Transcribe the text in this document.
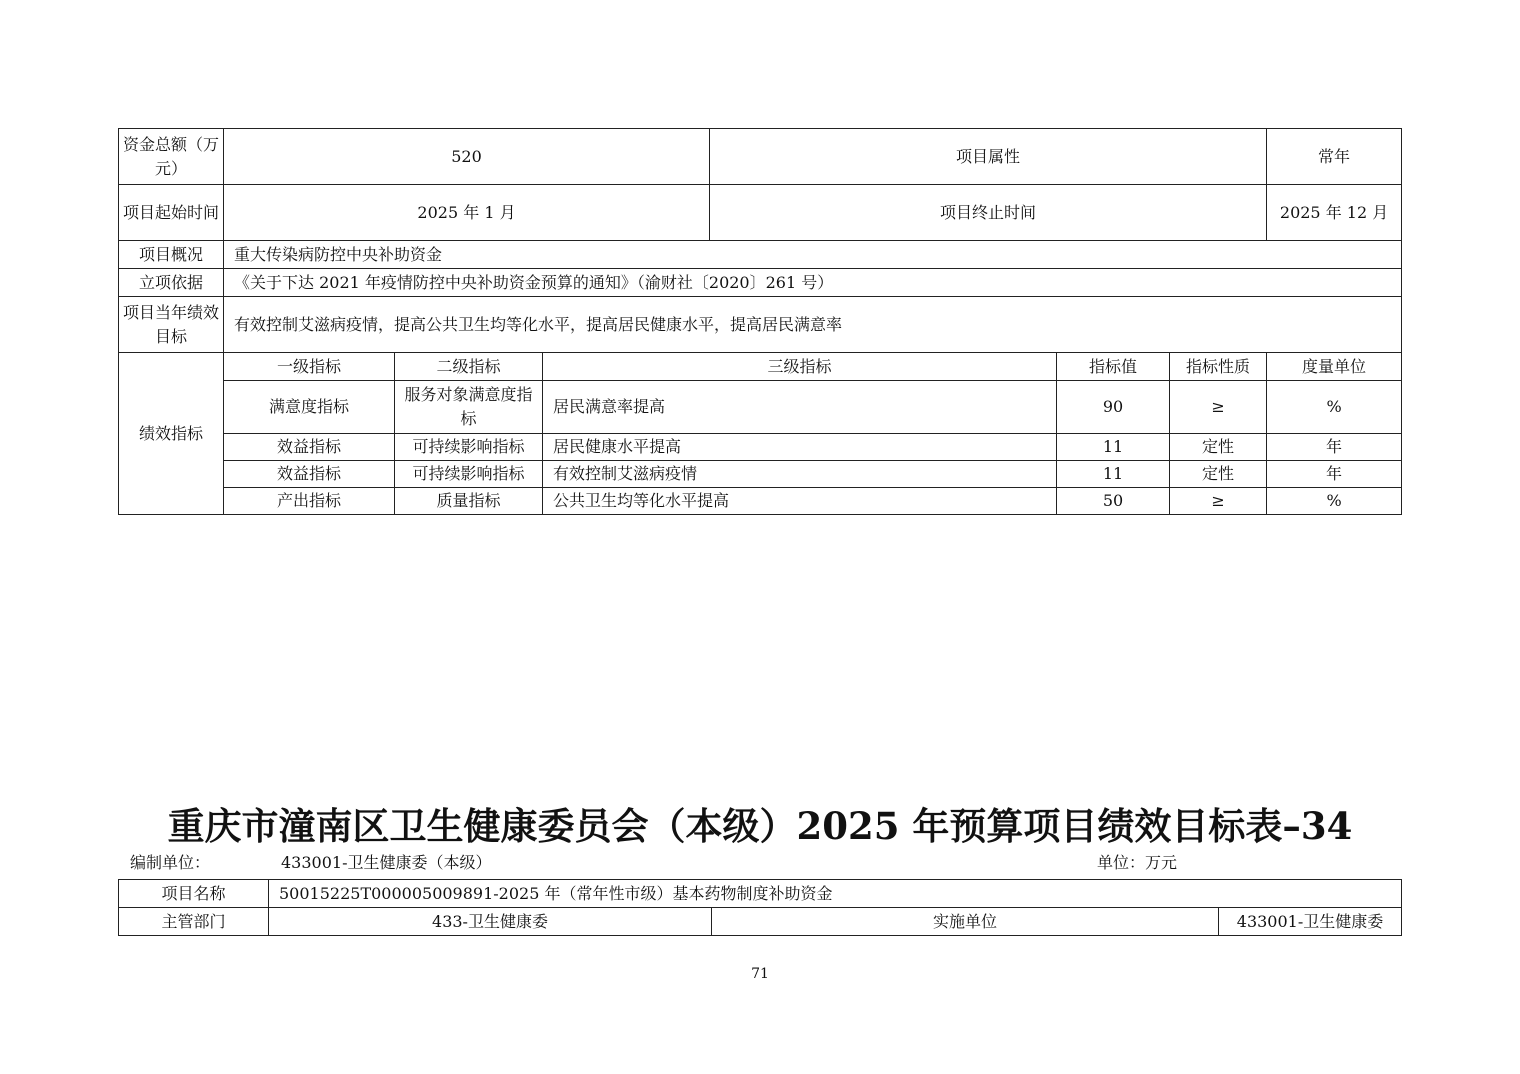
资金总额（万元）	520			项目属性			常年
项目起始时间	2025 年 1 月			项目终止时间			2025 年 12 月
项目概况	重大传染病防控中央补助资金						
立项依据	《关于下达 2021 年疫情防控中央补助资金预算的通知》（渝财社〔2020〕261 号）						
项目当年绩效目标	有效控制艾滋病疫情，提高公共卫生均等化水平，提高居民健康水平，提高居民满意率						
绩效指标	一级指标	二级指标	三级指标		指标值	指标性质	度量单位
	满意度指标	服务对象满意度指标	居民满意率提高		90	≥	%
	效益指标	可持续影响指标	居民健康水平提高		11	定性	年
	效益指标	可持续影响指标	有效控制艾滋病疫情		11	定性	年
	产出指标	质量指标	公共卫生均等化水平提高		50	≥	%
重庆市潼南区卫生健康委员会（本级）2025 年预算项目绩效目标表–34
编制单位：	433001-卫生健康委（本级）	单位：万元
项目名称	50015225T000005009891-2025 年（常年性市级）基本药物制度补助资金		
主管部门	433-卫生健康委	实施单位	433001-卫生健康委
71
